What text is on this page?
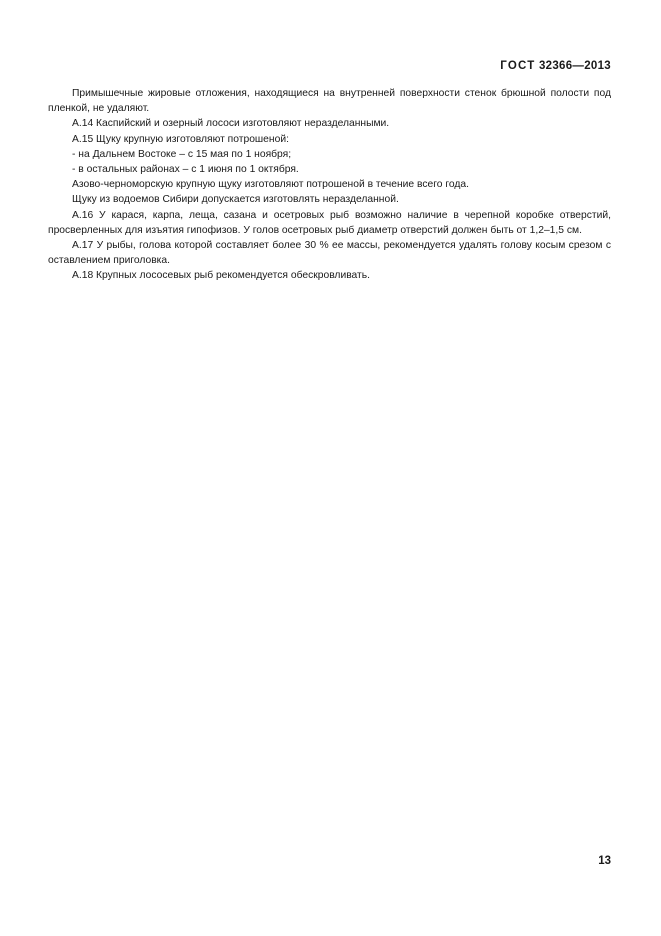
ГОСТ 32366—2013

Примышечные жировые отложения, находящиеся на внутренней поверхности стенок брюшной полости под пленкой, не удаляют.

А.14 Каспийский и озерный лососи изготовляют неразделанными.

А.15 Щуку крупную изготовляют потрошеной:

- на Дальнем Востоке – с 15 мая по 1 ноября;

- в остальных районах – с 1 июня по 1 октября.

Азово-черноморскую крупную щуку изготовляют потрошеной в течение всего года.

Щуку из водоемов Сибири допускается изготовлять неразделанной.

А.16 У карася, карпа, леща, сазана и осетровых рыб возможно наличие в черепной коробке отверстий, просверленных для изъятия гипофизов. У голов осетровых рыб диаметр отверстий должен быть от 1,2–1,5 см.

А.17 У рыбы, голова которой составляет более 30 % ее массы, рекомендуется удалять голову косым срезом с оставлением приголовка.

А.18 Крупных лососевых рыб рекомендуется обескровливать.

13
